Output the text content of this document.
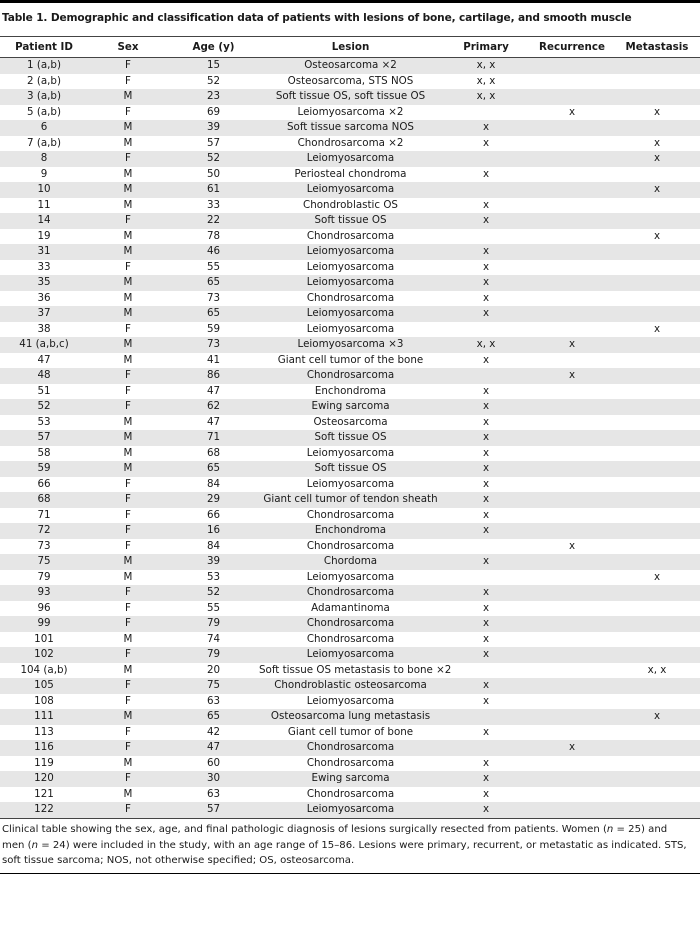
Table 1. Demographic and classification data of patients with lesions of bone, cartilage, and smooth muscle
Patient ID	Sex	Age (y)	Lesion	Primary	Recurrence	Metastasis
1 (a,b)	F	15	Osteosarcoma ×2	x, x		
2 (a,b)	F	52	Osteosarcoma, STS NOS	x, x		
3 (a,b)	M	23	Soft tissue OS, soft tissue OS	x, x		
5 (a,b)	F	69	Leiomyosarcoma ×2		x	x
6	M	39	Soft tissue sarcoma NOS	x		
7 (a,b)	M	57	Chondrosarcoma ×2	x		x
8	F	52	Leiomyosarcoma			x
9	M	50	Periosteal chondroma	x		
10	M	61	Leiomyosarcoma			x
11	M	33	Chondroblastic OS	x		
14	F	22	Soft tissue OS	x		
19	M	78	Chondrosarcoma			x
31	M	46	Leiomyosarcoma	x		
33	F	55	Leiomyosarcoma	x		
35	M	65	Leiomyosarcoma	x		
36	M	73	Chondrosarcoma	x		
37	M	65	Leiomyosarcoma	x		
38	F	59	Leiomyosarcoma			x
41 (a,b,c)	M	73	Leiomyosarcoma ×3	x, x	x	
47	M	41	Giant cell tumor of the bone	x		
48	F	86	Chondrosarcoma		x	
51	F	47	Enchondroma	x		
52	F	62	Ewing sarcoma	x		
53	M	47	Osteosarcoma	x		
57	M	71	Soft tissue OS	x		
58	M	68	Leiomyosarcoma	x		
59	M	65	Soft tissue OS	x		
66	F	84	Leiomyosarcoma	x		
68	F	29	Giant cell tumor of tendon sheath	x		
71	F	66	Chondrosarcoma	x		
72	F	16	Enchondroma	x		
73	F	84	Chondrosarcoma		x	
75	M	39	Chordoma	x		
79	M	53	Leiomyosarcoma			x
93	F	52	Chondrosarcoma	x		
96	F	55	Adamantinoma	x		
99	F	79	Chondrosarcoma	x		
101	M	74	Chondrosarcoma	x		
102	F	79	Leiomyosarcoma	x		
104 (a,b)	M	20	Soft tissue OS metastasis to bone ×2			x, x
105	F	75	Chondroblastic osteosarcoma	x		
108	F	63	Leiomyosarcoma	x		
111	M	65	Osteosarcoma lung metastasis			x
113	F	42	Giant cell tumor of bone	x		
116	F	47	Chondrosarcoma		x	
119	M	60	Chondrosarcoma	x		
120	F	30	Ewing sarcoma	x		
121	M	63	Chondrosarcoma	x		
122	F	57	Leiomyosarcoma	x		
Clinical table showing the sex, age, and final pathologic diagnosis of lesions surgically resected from patients. Women (n = 25) and men (n = 24) were included in the study, with an age range of 15–86. Lesions were primary, recurrent, or metastatic as indicated. STS, soft tissue sarcoma; NOS, not otherwise specified; OS, osteosarcoma.
